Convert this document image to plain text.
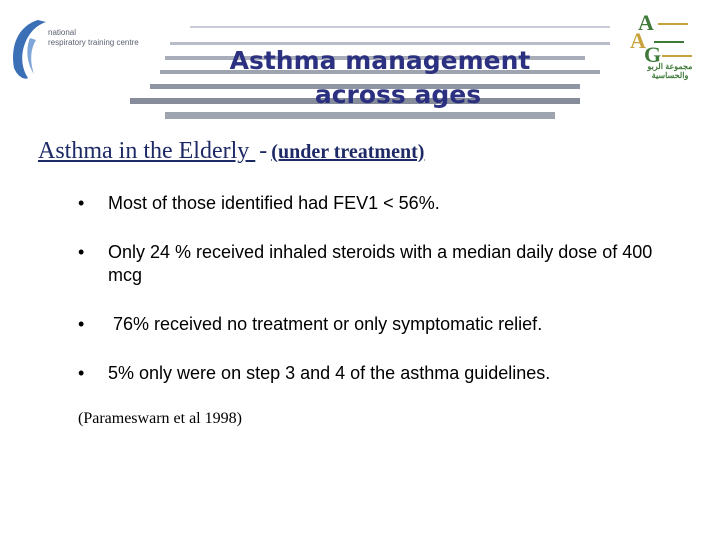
Asthma management
across ages
national
respiratory training centre
A
A
G
مجموعة الربو والحساسية
Asthma in the Elderly - (under treatment)
• Most of those identified had FEV1 < 56%.
• Only 24 % received inhaled steroids with a median daily dose of 400 mcg
• 76% received no treatment or only symptomatic relief.
• 5% only were on step 3 and 4 of the asthma guidelines.
(Parameswarn et al 1998)
